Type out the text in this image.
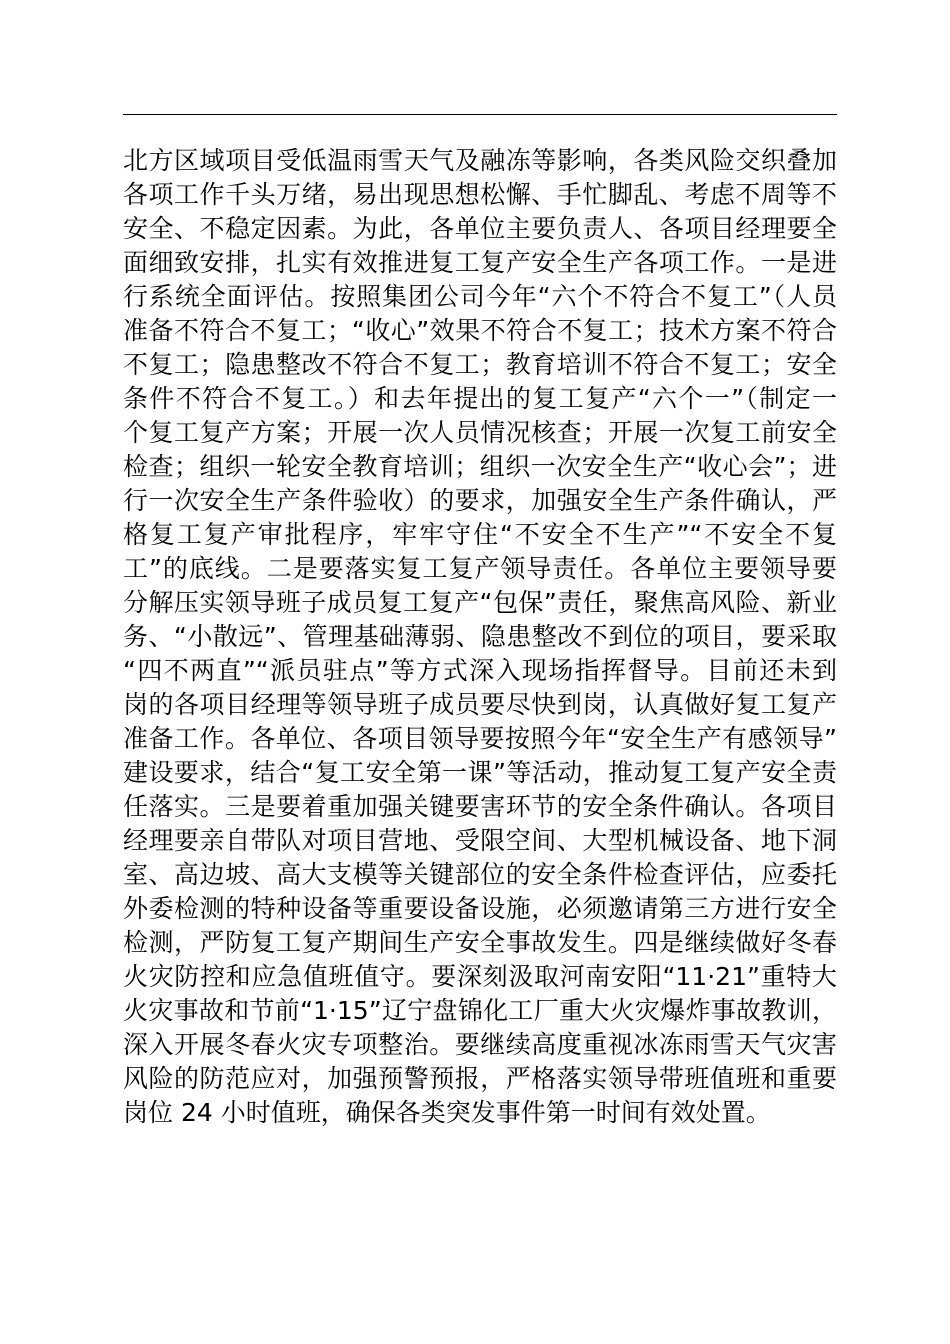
北方区域项目受低温雨雪天气及融冻等影响，各类风险交织叠加
各项工作千头万绪，易出现思想松懈、手忙脚乱、考虑不周等不
安全、不稳定因素。为此，各单位主要负责人、各项目经理要全
面细致安排，扎实有效推进复工复产安全生产各项工作。一是进
行系统全面评估。按照集团公司今年“六个不符合不复工”（人员
准备不符合不复工；“收心”效果不符合不复工；技术方案不符合
不复工；隐患整改不符合不复工；教育培训不符合不复工；安全
条件不符合不复工。）和去年提出的复工复产“六个一”（制定一
个复工复产方案；开展一次人员情况核查；开展一次复工前安全
检查；组织一轮安全教育培训；组织一次安全生产“收心会”；进
行一次安全生产条件验收）的要求，加强安全生产条件确认，严
格复工复产审批程序，牢牢守住“不安全不生产”“不安全不复
工”的底线。二是要落实复工复产领导责任。各单位主要领导要
分解压实领导班子成员复工复产“包保”责任，聚焦高风险、新业
务、“小散远”、管理基础薄弱、隐患整改不到位的项目，要采取
“四不两直”“派员驻点”等方式深入现场指挥督导。目前还未到
岗的各项目经理等领导班子成员要尽快到岗，认真做好复工复产
准备工作。各单位、各项目领导要按照今年“安全生产有感领导”
建设要求，结合“复工安全第一课”等活动，推动复工复产安全责
任落实。三是要着重加强关键要害环节的安全条件确认。各项目
经理要亲自带队对项目营地、受限空间、大型机械设备、地下洞
室、高边坡、高大支模等关键部位的安全条件检查评估，应委托
外委检测的特种设备等重要设备设施，必须邀请第三方进行安全
检测，严防复工复产期间生产安全事故发生。四是继续做好冬春
火灾防控和应急值班值守。要深刻汲取河南安阳“11·21”重特大
火灾事故和节前“1·15”辽宁盘锦化工厂重大火灾爆炸事故教训，
深入开展冬春火灾专项整治。要继续高度重视冰冻雨雪天气灾害
风险的防范应对，加强预警预报，严格落实领导带班值班和重要
岗位 24 小时值班，确保各类突发事件第一时间有效处置。
